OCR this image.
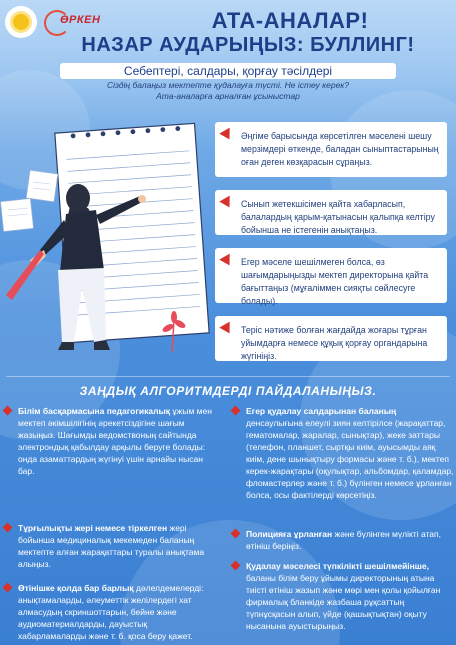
ӨРКЕН	АТА-АНАЛАР!
НАЗАР АУДАРЫҢЫЗ: БУЛЛИНГ!
Себептері, салдары, қорғау тәсілдері
Сіздің балаңыз мектепте қудалауға түсті. Не істеу керек?
Ата-аналарға арналған ұсыныстар
Әңгіме барысында көрсетілген мәселені шешу мерзімдері өткенде, баладан сыныптастарының оған деген көзқарасын сұраңыз.
Сынып жетекшісімен қайта хабарласып, балалардың қарым-қатынасын қалыпқа келтіру бойынша не істегенін анықтаңыз.
Егер мәселе шешілмеген болса, өз шағымдарыңызды мектеп директорына қайта бағыттаңыз (мұғаліммен сияқты сөйлесуге болады).
Теріс нәтиже болған жағдайда жоғары тұрған уйымдарға немесе құқық қорғау органдарына жүгініңіз.
ЗАҢДЫҚ АЛГОРИТМДЕРДІ ПАЙДАЛАНЫҢЫЗ.
Білім басқармасына педагогикалық ұжым мен мектеп әкімшілігінің әрекетсіздігіне шағым жазыңыз. Шағымды ведомствоның сайтында электрондық қабылдау арқылы беруге болады: онда азаматтардың жүгінуі үшін арнайы нысан бар.
Тұрғылықты жері немесе тіркелген жері бойынша медициналық мекемеден баланың мектепте алған жарақаттары туралы анықтама алыңыз.
Өтінішке қолда бар барлық дәлелдемелерді: анықтамаларды, әлеуметтік желілердегі хат алмасудың скриншоттарын, бейне және аудиоматериалдарды, дауыстық хабарламаларды және т. б. қоса беру қажет.
Егер қудалау салдарынан баланың денсаулығына елеулі зиян келтірілсе (жарақаттар, гематомалар, жаралар, сынықтар), жеке заттары (телефон, планшет, сыртқы киім, ауысымды аяқ киім, дене шынықтыру формасы және т. б.), мектеп керек-жарақтары (оқулықтар, альбомдар, қаламдар, фломастерлер және т. б.) бүлінген немесе ұрланған болса, осы фактілерді көрсетіңіз.
Полицияға ұрланған және бүлінген мүлікті атап, өтініш беріңіз.
Қудалау мәселесі түпкілікті шешілмейінше, баланы білім беру ұйымы директорының атына тиісті өтініш жазып және мөрі мен қолы қойылған фирмалық бланкіде жазбаша рұқсаттың түпнұсқасын алып, үйде (қашықтықтан) оқыту нысанына ауыстырыңыз.
